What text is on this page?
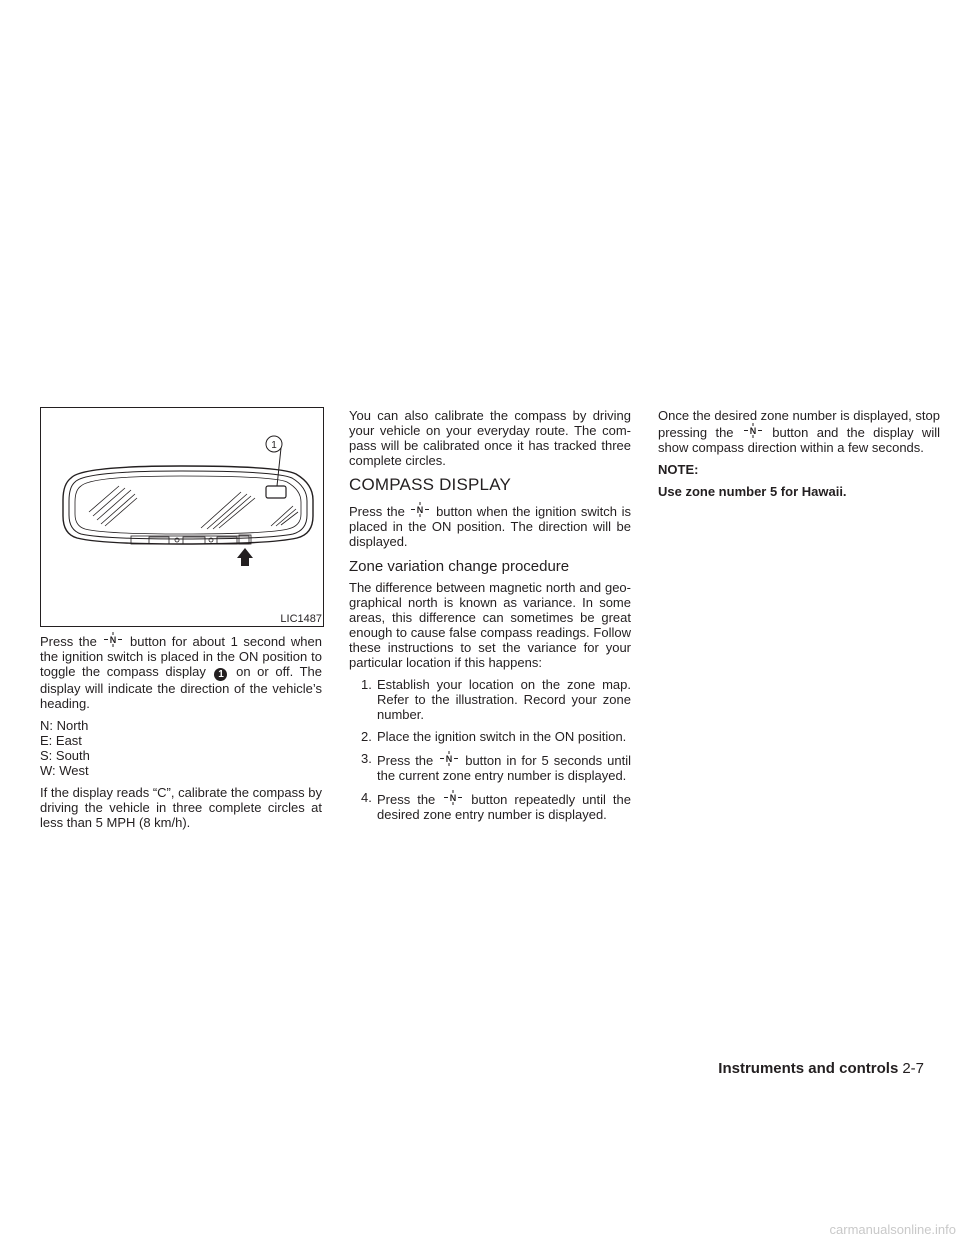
1
LIC1487

Press the N button for about 1 second when the ignition switch is placed in the ON position to toggle the compass display 1 on or off. The display will indicate the direction of the vehicle’s heading.

N: North
E: East
S: South
W: West

If the display reads “C”, calibrate the compass by driving the vehicle in three complete circles at less than 5 MPH (8 km/h).

You can also calibrate the compass by driving your vehicle on your everyday route. The com-pass will be calibrated once it has tracked three complete circles.

COMPASS DISPLAY

Press the N button when the ignition switch is placed in the ON position. The direction will be displayed.

Zone variation change procedure

The difference between magnetic north and geo-graphical north is known as variance. In some areas, this difference can sometimes be great enough to cause false compass readings. Follow these instructions to set the variance for your particular location if this happens:

1. Establish your location on the zone map. Refer to the illustration. Record your zone number.
2. Place the ignition switch in the ON position.
3. Press the N button in for 5 seconds until the current zone entry number is displayed.
4. Press the N button repeatedly until the desired zone entry number is displayed.

Once the desired zone number is displayed, stop pressing the N button and the display will show compass direction within a few seconds.

NOTE:

Use zone number 5 for Hawaii.

Instruments and controls 2-7
carmanualsonline.info
